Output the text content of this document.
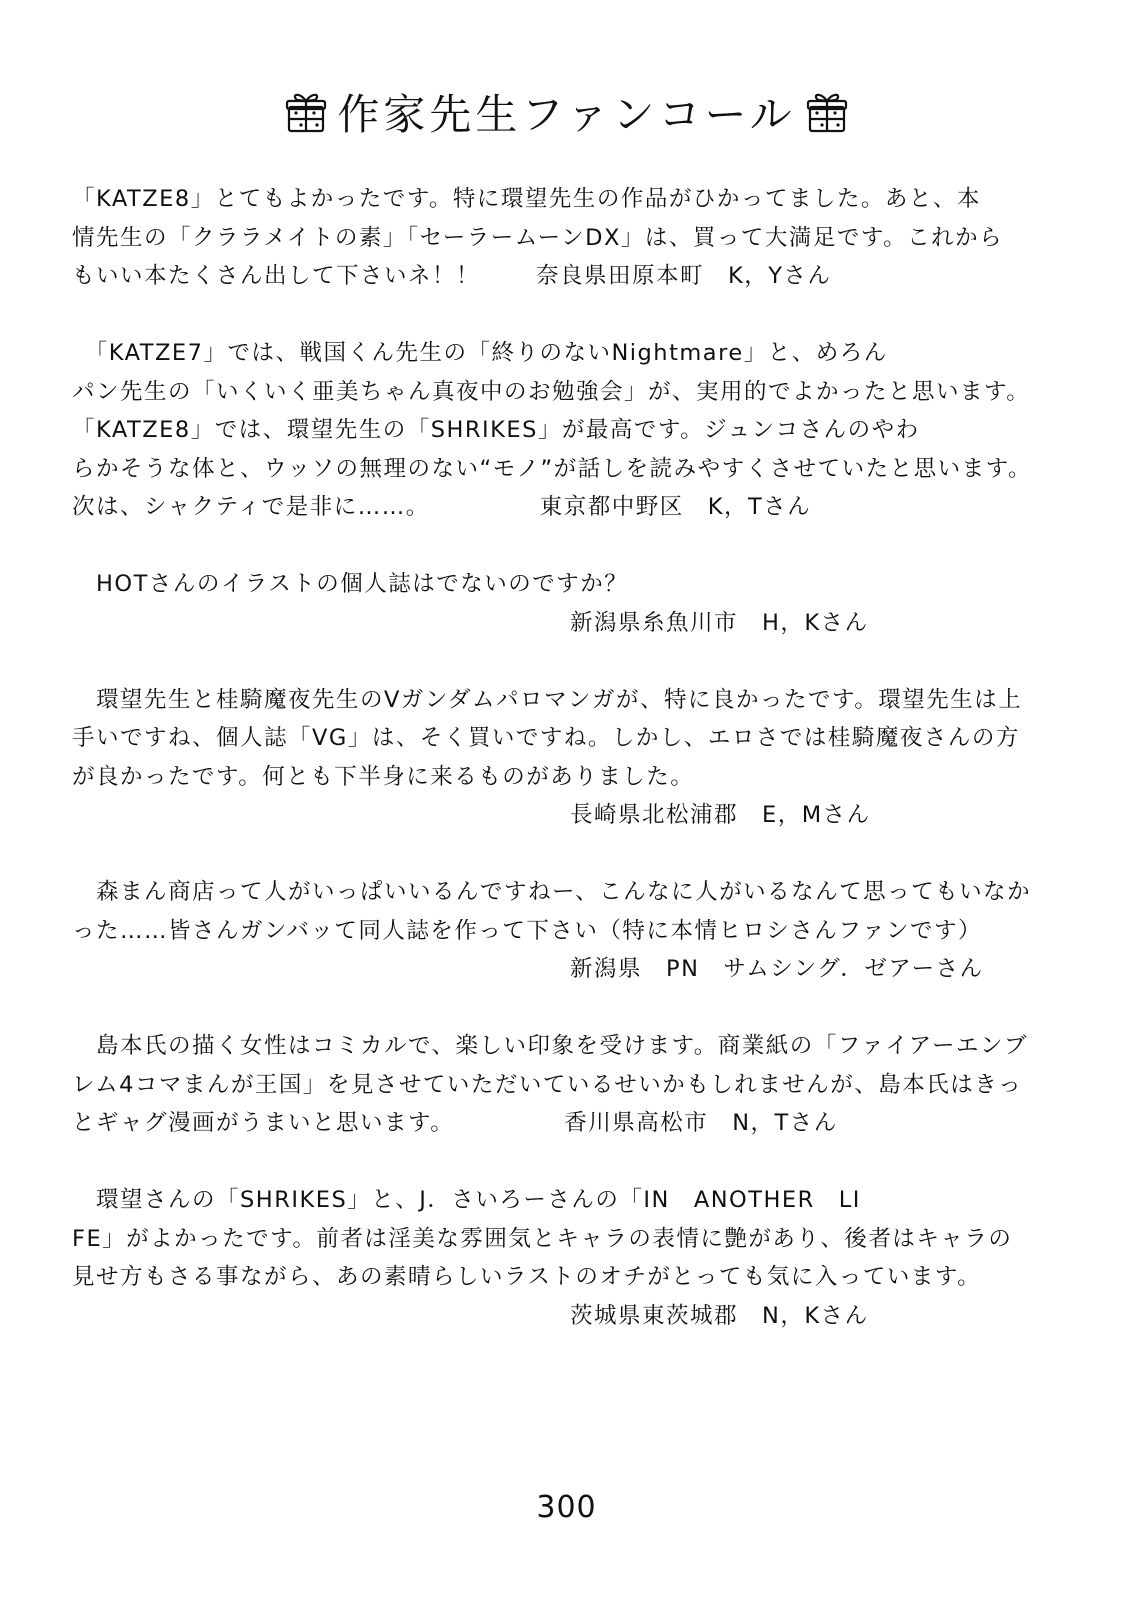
作家先生ファンコール
「KATZE8」とてもよかったです。特に環望先生の作品がひかってました。あと、本
情先生の「クララメイトの素」「セーラームーンDX」は、買って大満足です。これから
もいい本たくさん出して下さいネ！！ 奈良県田原本町　K，Yさん
　「KATZE7」では、戦国くん先生の「終りのないNightmare」と、めろん
パン先生の「いくいく亜美ちゃん真夜中のお勉強会」が、実用的でよかったと思います。
「KATZE8」では、環望先生の「SHRIKES」が最高です。ジュンコさんのやわ
らかそうな体と、ウッソの無理のない“モノ”が話しを読みやすくさせていたと思います。
次は、シャクティで是非に……。	東京都中野区　K，Tさん
　HOTさんのイラストの個人誌はでないのですか？
新潟県糸魚川市　H，Kさん
　環望先生と桂騎魔夜先生のVガンダムパロマンガが、特に良かったです。環望先生は上
手いですね、個人誌「VG」は、そく買いですね。しかし、エロさでは桂騎魔夜さんの方
が良かったです。何とも下半身に来るものがありました。
長崎県北松浦郡　E，Mさん
　森まん商店って人がいっぱいいるんですねー、こんなに人がいるなんて思ってもいなか
った……皆さんガンバッて同人誌を作って下さい（特に本情ヒロシさんファンです）
新潟県　PN　サムシング．ゼアーさん
　島本氏の描く女性はコミカルで、楽しい印象を受けます。商業紙の「ファイアーエンブ
レム4コマまんが王国」を見させていただいているせいかもしれませんが、島本氏はきっ
とギャグ漫画がうまいと思います。	香川県高松市　N，Tさん
　環望さんの「SHRIKES」と、J．さいろーさんの「IN　ANOTHER　LI
FE」がよかったです。前者は淫美な雰囲気とキャラの表情に艶があり、後者はキャラの
見せ方もさる事ながら、あの素晴らしいラストのオチがとっても気に入っています。
茨城県東茨城郡　N，Kさん
300
